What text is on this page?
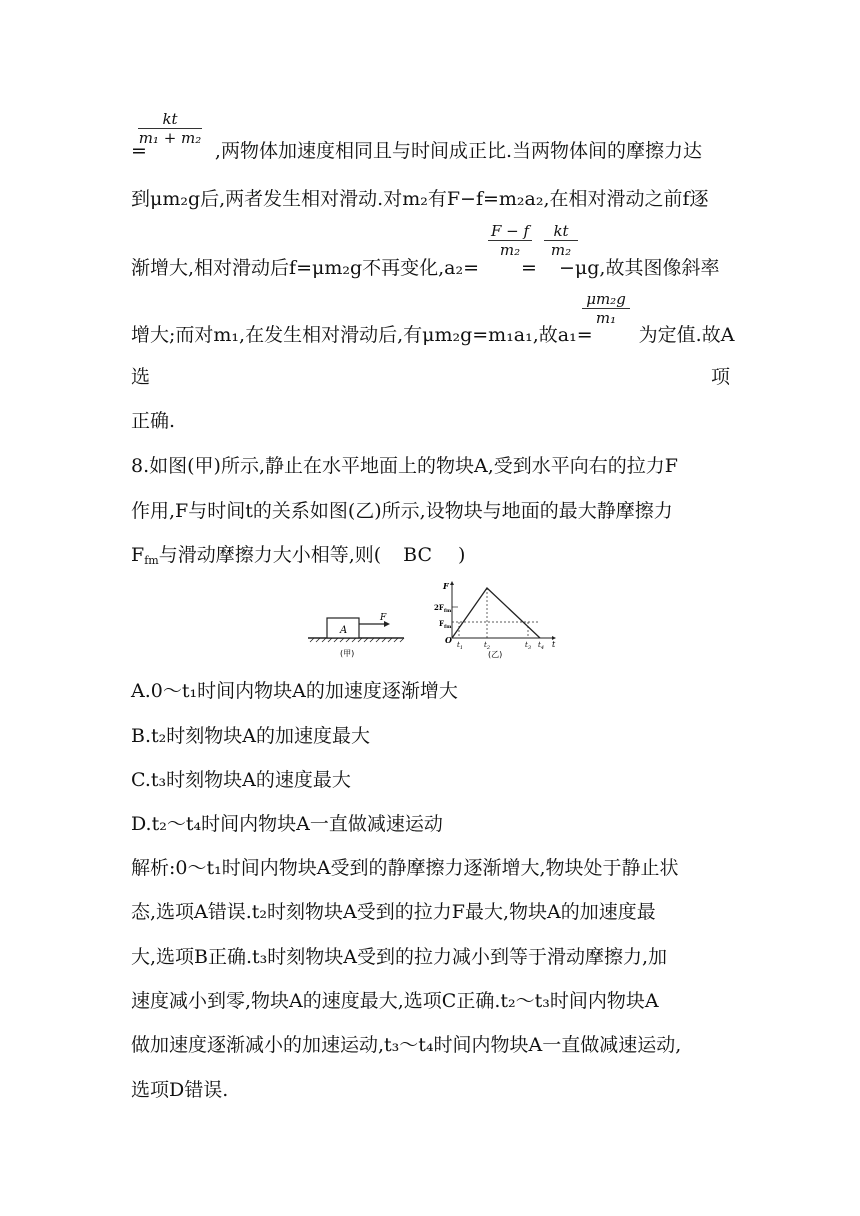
kt
m₁ + m₂
=	,两物体加速度相同且与时间成正比.当两物体间的摩擦力达
到μm₂g后,两者发生相对滑动.对m₂有F−f=m₂a₂,在相对滑动之前f逐
F − f
m₂
kt
m₂
渐增大,相对滑动后f=μm₂g不再变化,a₂= = −μg,故其图像斜率
μm₂g
m₁
增大;而对m₁,在发生相对滑动后,有μm₂g=m₁a₁,故a₁= 为定值.故A
选	项
正确.
8.如图(甲)所示,静止在水平地面上的物块A,受到水平向右的拉力F
作用,F与时间t的关系如图(乙)所示,设物块与地面的最大静摩擦力
$F_{fm}$与滑动摩擦力大小相等,则( BC )
A
F
(甲)
F
t
O
$2F_{fm}$
$F_{fm}$
$t_1$	$t_2$	$t_3$ $t_4$
(乙)
A.0～t₁时间内物块A的加速度逐渐增大
B.t₂时刻物块A的加速度最大
C.t₃时刻物块A的速度最大
D.t₂～t₄时间内物块A一直做减速运动
解析:0～t₁时间内物块A受到的静摩擦力逐渐增大,物块处于静止状
态,选项A错误.t₂时刻物块A受到的拉力F最大,物块A的加速度最
大,选项B正确.t₃时刻物块A受到的拉力减小到等于滑动摩擦力,加
速度减小到零,物块A的速度最大,选项C正确.t₂～t₃时间内物块A
做加速度逐渐减小的加速运动,t₃～t₄时间内物块A一直做减速运动,
选项D错误.
